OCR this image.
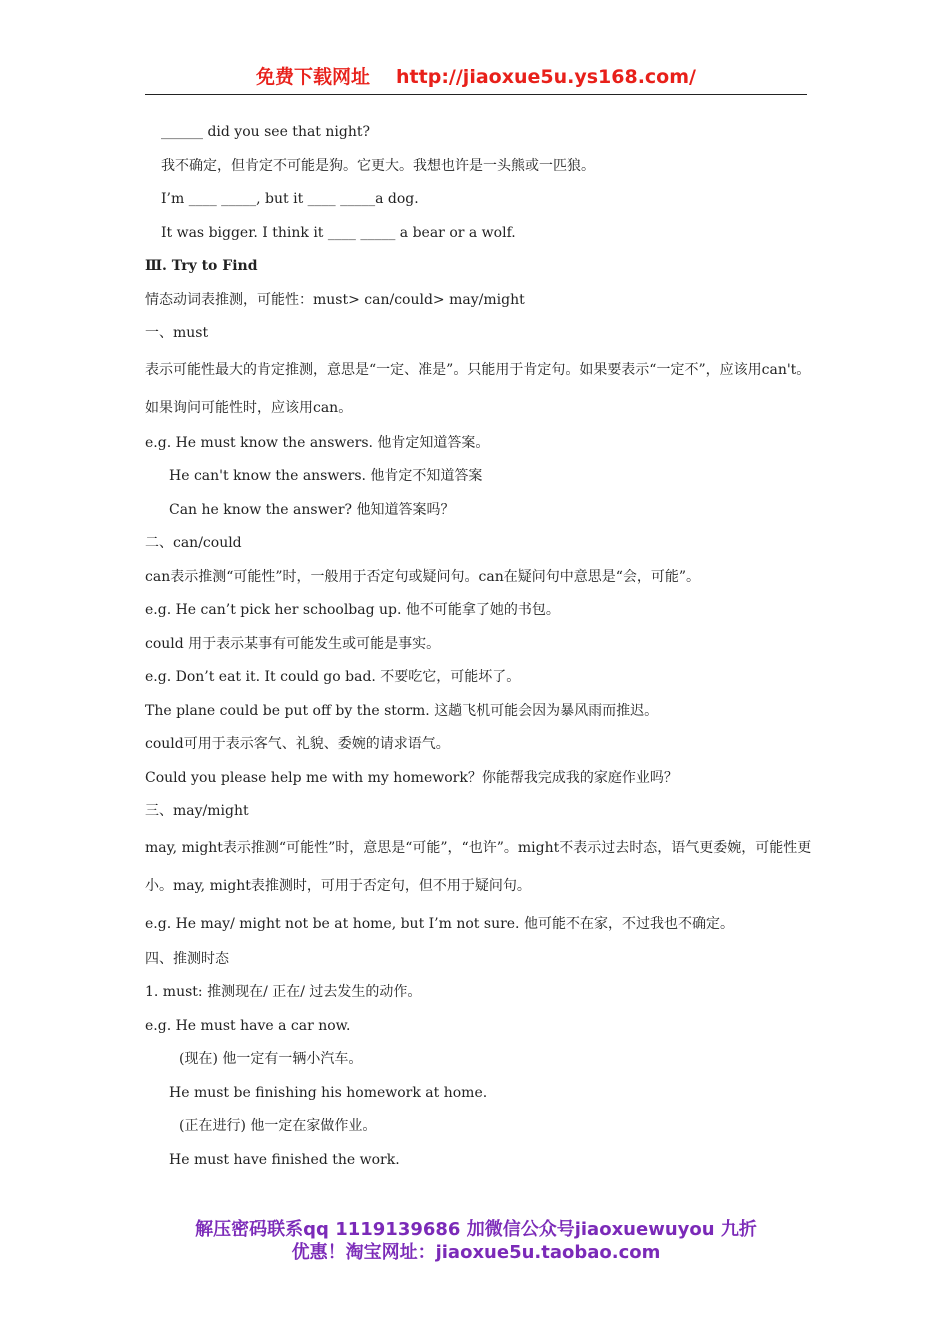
免费下载网址 http://jiaoxue5u.ys168.com/
______ did you see that night?
我不确定，但肯定不可能是狗。它更大。我想也许是一头熊或一匹狼。
I’m ____ _____, but it ____ _____a dog.
It was bigger. I think it ____ _____ a bear or a wolf.
Ⅲ. Try to Find
情态动词表推测，可能性：must> can/could> may/might
一、must
表示可能性最大的肯定推测，意思是“一定、准是”。只能用于肯定句。如果要表示“一定不”，应该用can't。如果询问可能性时，应该用can。
e.g. He must know the answers. 他肯定知道答案。
He can't know the answers. 他肯定不知道答案
Can he know the answer? 他知道答案吗？
二、can/could
can表示推测“可能性”时，一般用于否定句或疑问句。can在疑问句中意思是“会，可能”。
e.g. He can’t pick her schoolbag up. 他不可能拿了她的书包。
could 用于表示某事有可能发生或可能是事实。
e.g. Don’t eat it. It could go bad. 不要吃它，可能坏了。
The plane could be put off by the storm. 这趟飞机可能会因为暴风雨而推迟。
could可用于表示客气、礼貌、委婉的请求语气。
Could you please help me with my homework？你能帮我完成我的家庭作业吗？
三、may/might
may, might表示推测“可能性”时，意思是“可能”，“也许”。might不表示过去时态，语气更委婉，可能性更小。may, might表推测时，可用于否定句，但不用于疑问句。
e.g. He may/ might not be at home, but I’m not sure. 他可能不在家，不过我也不确定。
四、推测时态
1. must: 推测现在/ 正在/ 过去发生的动作。
e.g. He must have a car now.
(现在) 他一定有一辆小汽车。
He must be finishing his homework at home.
(正在进行) 他一定在家做作业。
He must have finished the work.
解压密码联系qq 1119139686 加微信公众号jiaoxuewuyou 九折
优惠！淘宝网址：jiaoxue5u.taobao.com
